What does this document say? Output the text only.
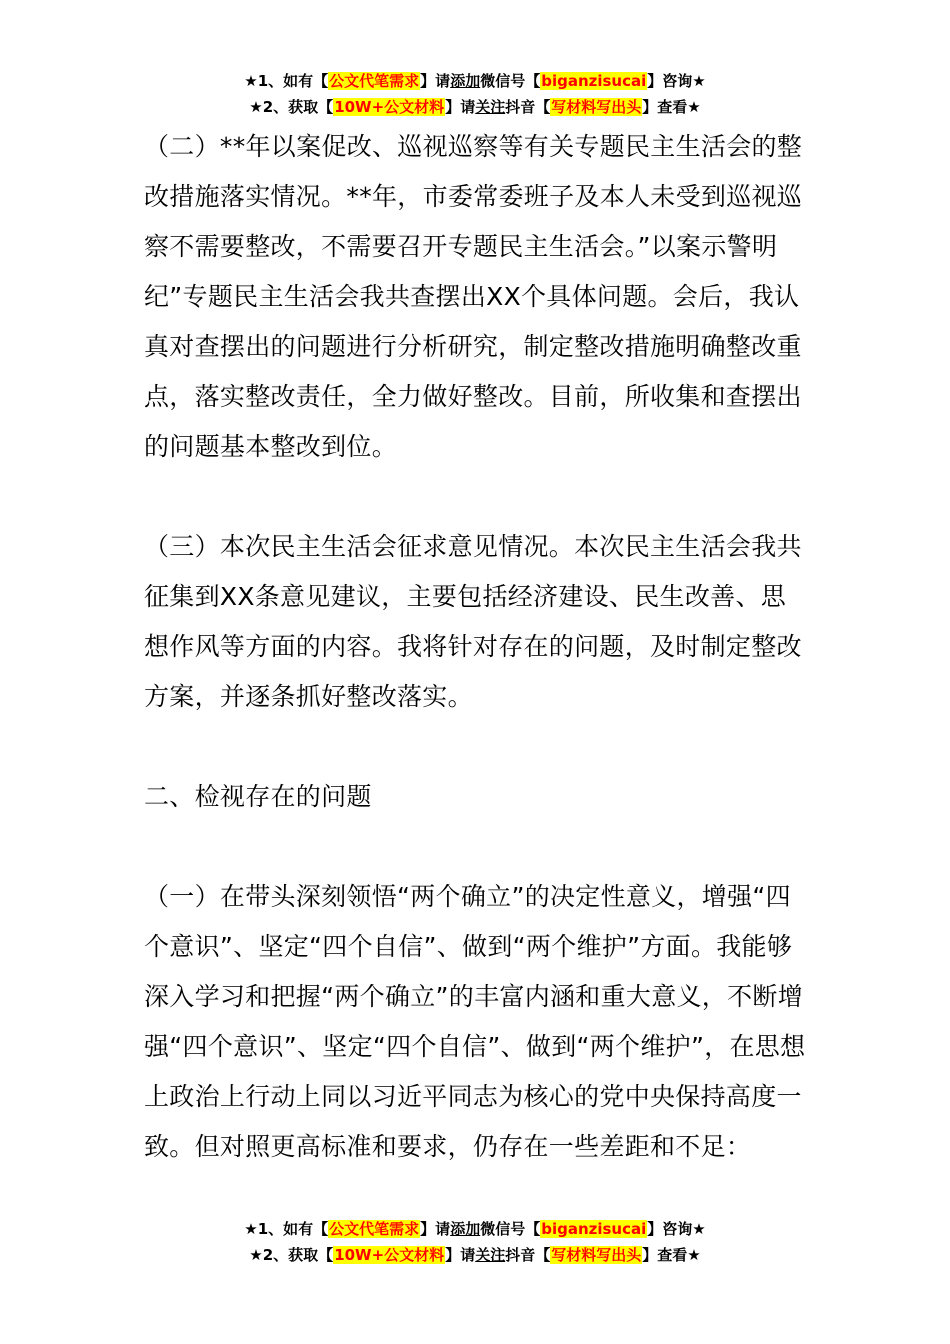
★1、如有【公文代笔需求】请添加微信号【biganzisucai】咨询★
★2、获取【10W+公文材料】请关注抖音【写材料写出头】查看★

（二）**年以案促改、巡视巡察等有关专题民主生活会的整改措施落实情况。**年，市委常委班子及本人未受到巡视巡察不需要整改，不需要召开专题民主生活会。”以案示警明纪”专题民主生活会我共查摆出XX个具体问题。会后，我认真对查摆出的问题进行分析研究，制定整改措施明确整改重点，落实整改责任，全力做好整改。目前，所收集和查摆出的问题基本整改到位。

（三）本次民主生活会征求意见情况。本次民主生活会我共征集到XX条意见建议，主要包括经济建设、民生改善、思想作风等方面的内容。我将针对存在的问题，及时制定整改方案，并逐条抓好整改落实。

二、检视存在的问题

（一）在带头深刻领悟“两个确立”的决定性意义，增强“四个意识”、坚定“四个自信”、做到“两个维护”方面。我能够深入学习和把握“两个确立”的丰富内涵和重大意义，不断增强“四个意识”、坚定“四个自信”、做到“两个维护”，在思想上政治上行动上同以习近平同志为核心的党中央保持高度一致。但对照更高标准和要求，仍存在一些差距和不足：

★1、如有【公文代笔需求】请添加微信号【biganzisucai】咨询★
★2、获取【10W+公文材料】请关注抖音【写材料写出头】查看★
